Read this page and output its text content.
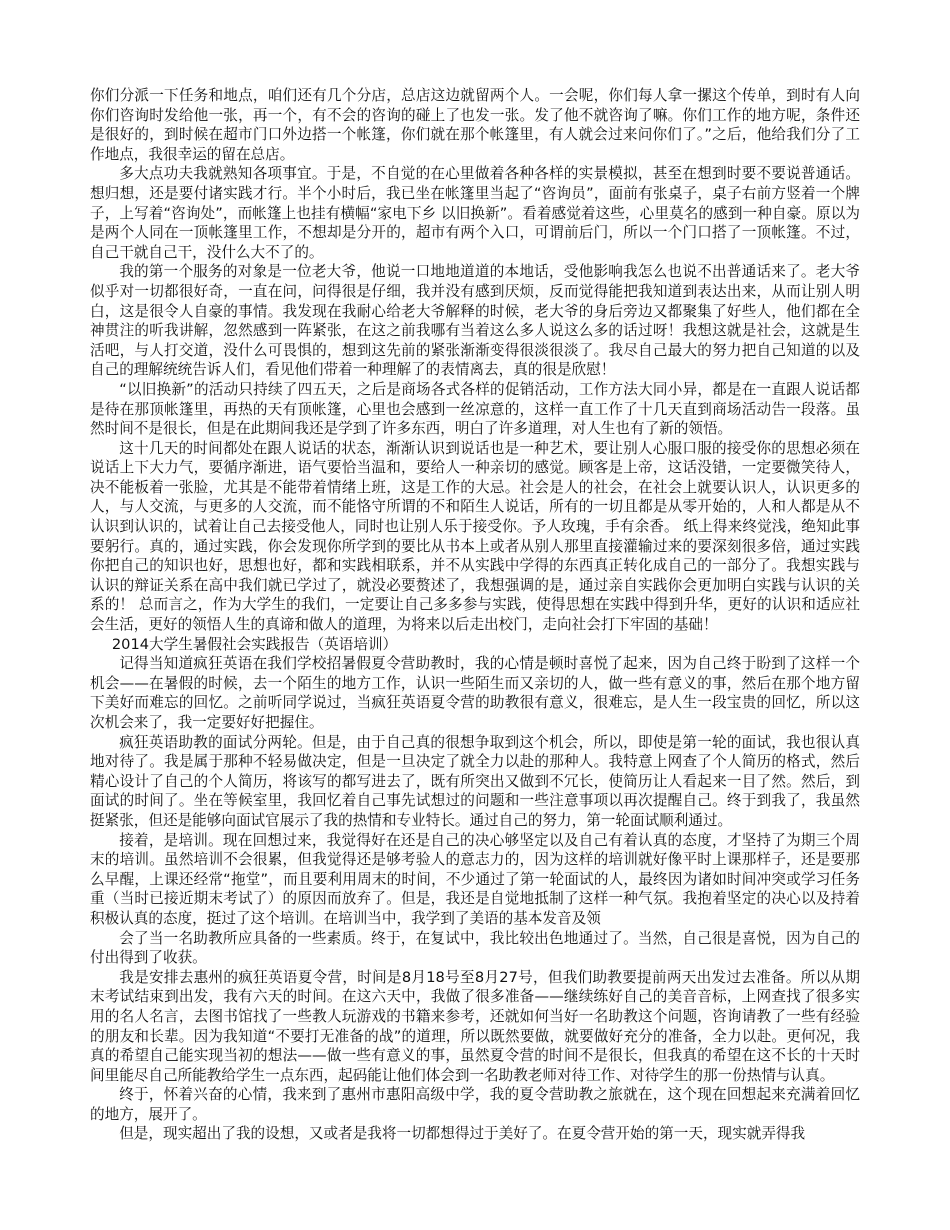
你们分派一下任务和地点，咱们还有几个分店，总店这边就留两个人。一会呢，你们每人拿一摞这个传单，到时有人向你们咨询时发给他一张，再一个，有不会的咨询的碰上了也发一张。发了他不就咨询了嘛。你们工作的地方呢，条件还是很好的，到时候在超市门口外边搭一个帐篷，你们就在那个帐篷里，有人就会过来问你们了。”之后，他给我们分了工作地点，我很幸运的留在总店。

多大点功夫我就熟知各项事宜。于是，不自觉的在心里做着各种各样的实景模拟，甚至在想到时要不要说普通话。想归想，还是要付诸实践才行。半个小时后，我已坐在帐篷里当起了“咨询员”，面前有张桌子，桌子右前方竖着一个牌子，上写着“咨询处”，而帐篷上也挂有横幅“家电下乡 以旧换新”。看着感觉着这些，心里莫名的感到一种自豪。原以为是两个人同在一顶帐篷里工作，不想却是分开的，超市有两个入口，可谓前后门，所以一个门口搭了一顶帐篷。不过，自己干就自己干，没什么大不了的。

我的第一个服务的对象是一位老大爷，他说一口地地道道的本地话，受他影响我怎么也说不出普通话来了。老大爷似乎对一切都很好奇，一直在问，问得很是仔细，我并没有感到厌烦，反而觉得能把我知道到表达出来，从而让别人明白，这是很令人自豪的事情。我发现在我耐心给老大爷解释的时候，老大爷的身后旁边又都聚集了好些人，他们都在全神贯注的听我讲解，忽然感到一阵紧张，在这之前我哪有当着这么多人说这么多的话过呀！我想这就是社会，这就是生活吧，与人打交道，没什么可畏惧的，想到这先前的紧张渐渐变得很淡很淡了。我尽自己最大的努力把自己知道的以及自己的理解统统告诉人们，看见他们带着一种理解了的表情离去，真的很是欣慰！

“以旧换新”的活动只持续了四五天，之后是商场各式各样的促销活动，工作方法大同小异，都是在一直跟人说话都是待在那顶帐篷里，再热的天有顶帐篷，心里也会感到一丝凉意的，这样一直工作了十几天直到商场活动告一段落。虽然时间不是很长，但是在此期间我还是学到了许多东西，明白了许多道理，对人生也有了新的领悟。

这十几天的时间都处在跟人说话的状态，渐渐认识到说话也是一种艺术，要让别人心服口服的接受你的思想必须在说话上下大力气，要循序渐进，语气要恰当温和，要给人一种亲切的感觉。顾客是上帝，这话没错，一定要微笑待人，决不能板着一张脸，尤其是不能带着情绪上班，这是工作的大忌。社会是人的社会，在社会上就要认识人，认识更多的人，与人交流，与更多的人交流，而不能恪守所谓的不和陌生人说话，所有的一切且都是从零开始的，人和人都是从不认识到认识的，试着让自己去接受他人，同时也让别人乐于接受你。予人玫瑰，手有余香。 纸上得来终觉浅，绝知此事要躬行。真的，通过实践，你会发现你所学到的要比从书本上或者从别人那里直接灌输过来的要深刻很多倍，通过实践你把自己的知识也好，思想也好，都和实践相联系，并不从实践中学得的东西真正转化成自己的一部分了。我想实践与认识的辩证关系在高中我们就已学过了，就没必要赘述了，我想强调的是，通过亲自实践你会更加明白实践与认识的关系的！ 总而言之，作为大学生的我们，一定要让自己多多参与实践，使得思想在实践中得到升华，更好的认识和适应社会生活，更好的领悟人生的真谛和做人的道理，为将来以后走出校门，走向社会打下牢固的基础！

2014大学生暑假社会实践报告（英语培训）

记得当知道疯狂英语在我们学校招暑假夏令营助教时，我的心情是顿时喜悦了起来，因为自己终于盼到了这样一个机会——在暑假的时候，去一个陌生的地方工作，认识一些陌生而又亲切的人，做一些有意义的事，然后在那个地方留下美好而难忘的回忆。之前听同学说过，当疯狂英语夏令营的助教很有意义，很难忘，是人生一段宝贵的回忆，所以这次机会来了，我一定要好好把握住。

疯狂英语助教的面试分两轮。但是，由于自己真的很想争取到这个机会，所以，即使是第一轮的面试，我也很认真地对待了。我是属于那种不轻易做决定，但是一旦决定了就全力以赴的那种人。我特意上网查了个人简历的格式，然后精心设计了自己的个人简历，将该写的都写进去了，既有所突出又做到不冗长，使简历让人看起来一目了然。然后，到面试的时间了。坐在等候室里，我回忆着自己事先试想过的问题和一些注意事项以再次提醒自己。终于到我了，我虽然挺紧张，但还是能够向面试官展示了我的热情和专业特长。通过自己的努力，第一轮面试顺利通过。

接着，是培训。现在回想过来，我觉得好在还是自己的决心够坚定以及自己有着认真的态度，才坚持了为期三个周末的培训。虽然培训不会很累，但我觉得还是够考验人的意志力的，因为这样的培训就好像平时上课那样子，还是要那么早醒，上课还经常“拖堂”，而且要利用周末的时间，不少通过了第一轮面试的人，最终因为诸如时间冲突或学习任务重（当时已接近期末考试了）的原因而放弃了。但是，我还是自觉地抵制了这样一种气氛。我抱着坚定的决心以及持着积极认真的态度，挺过了这个培训。在培训当中，我学到了美语的基本发音及领

会了当一名助教所应具备的一些素质。终于，在复试中，我比较出色地通过了。当然，自己很是喜悦，因为自己的付出得到了收获。

我是安排去惠州的疯狂英语夏令营，时间是8月18号至8月27号，但我们助教要提前两天出发过去准备。所以从期末考试结束到出发，我有六天的时间。在这六天中，我做了很多准备——继续练好自己的美音音标，上网查找了很多实用的名人名言，去图书馆找了一些教人玩游戏的书籍来参考，还就如何当好一名助教这个问题，咨询请教了一些有经验的朋友和长辈。因为我知道“不要打无准备的战”的道理，所以既然要做，就要做好充分的准备，全力以赴。更何况，我真的希望自己能实现当初的想法——做一些有意义的事，虽然夏令营的时间不是很长，但我真的希望在这不长的十天时间里能尽自己所能教给学生一点东西，起码能让他们体会到一名助教老师对待工作、对待学生的那一份热情与认真。

终于，怀着兴奋的心情，我来到了惠州市惠阳高级中学，我的夏令营助教之旅就在，这个现在回想起来充满着回忆的地方，展开了。

但是，现实超出了我的设想，又或者是我将一切都想得过于美好了。在夏令营开始的第一天，现实就弄得我
